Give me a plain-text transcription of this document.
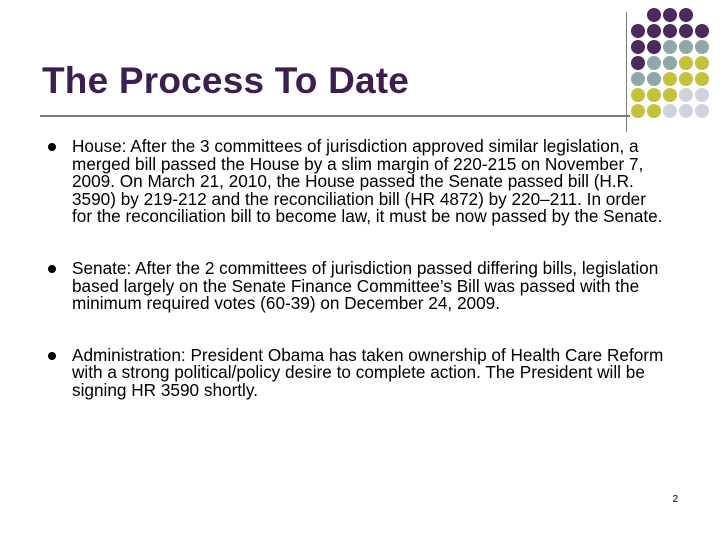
The Process To Date
House: After the 3 committees of jurisdiction approved similar legislation, a merged bill passed the House by a slim margin of 220-215 on November 7, 2009. On March 21, 2010, the House passed the Senate passed bill (H.R. 3590) by 219-212 and the reconciliation bill (HR 4872) by 220–211. In order for the reconciliation bill to become law, it must be now passed by the Senate.
Senate: After the 2 committees of jurisdiction passed differing bills, legislation based largely on the Senate Finance Committee’s Bill was passed with the minimum required votes (60-39) on December 24, 2009.
Administration: President Obama has taken ownership of Health Care Reform with a strong political/policy desire to complete action. The President will be signing HR 3590 shortly.
2
